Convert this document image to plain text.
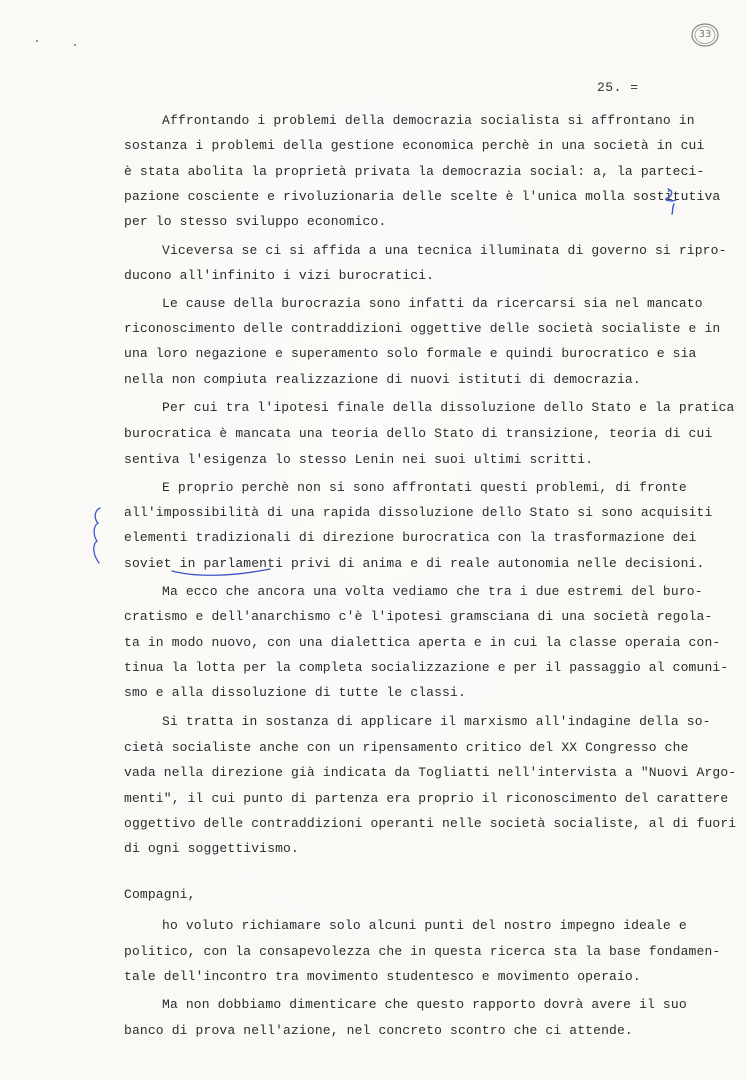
33
25. =
Affrontando i problemi della democrazia socialista si affrontano in
sostanza i problemi della gestione economica perchè in una società in cui
è stata abolita la proprietà privata la democrazia social: a, la parteci-
pazione cosciente e rivoluzionaria delle scelte è l'unica molla sostitutiva
per lo stesso sviluppo economico.
Viceversa se ci si affida a una tecnica illuminata di governo si ripro-
ducono all'infinito i vizi burocratici.
Le cause della burocrazia sono infatti da ricercarsi sia nel mancato
riconoscimento delle contraddizioni oggettive delle società socialiste e in
una loro negazione e superamento solo formale e quindi burocratico e sia
nella non compiuta realizzazione di nuovi istituti di democrazia.
Per cui tra l'ipotesi finale della dissoluzione dello Stato e la pratica
burocratica è mancata una teoria dello Stato di transizione, teoria di cui
sentiva l'esigenza lo stesso Lenin nei suoi ultimi scritti.
E proprio perchè non si sono affrontati questi problemi, di fronte
all'impossibilità di una rapida dissoluzione dello Stato si sono acquisiti
elementi tradizionali di direzione burocratica con la trasformazione dei
soviet in parlamenti privi di anima e di reale autonomia nelle decisioni.
Ma ecco che ancora una volta vediamo che tra i due estremi del buro-
cratismo e dell'anarchismo c'è l'ipotesi gramsciana di una società regola-
ta in modo nuovo, con una dialettica aperta e in cui la classe operaia con-
tinua la lotta per la completa socializzazione e per il passaggio al comuni-
smo e alla dissoluzione di tutte le classi.
Si tratta in sostanza di applicare il marxismo all'indagine della so-
cietà socialiste anche con un ripensamento critico del XX Congresso che
vada nella direzione già indicata da Togliatti nell'intervista a "Nuovi Argo-
menti", il cui punto di partenza era proprio il riconoscimento del carattere
oggettivo delle contraddizioni operanti nelle società socialiste, al di fuori
di ogni soggettivismo.
Compagni,
ho voluto richiamare solo alcuni punti del nostro impegno ideale e
politico, con la consapevolezza che in questa ricerca sta la base fondamen-
tale dell'incontro tra movimento studentesco e movimento operaio.
Ma non dobbiamo dimenticare che questo rapporto dovrà avere il suo
banco di prova nell'azione, nel concreto scontro che ci attende.
